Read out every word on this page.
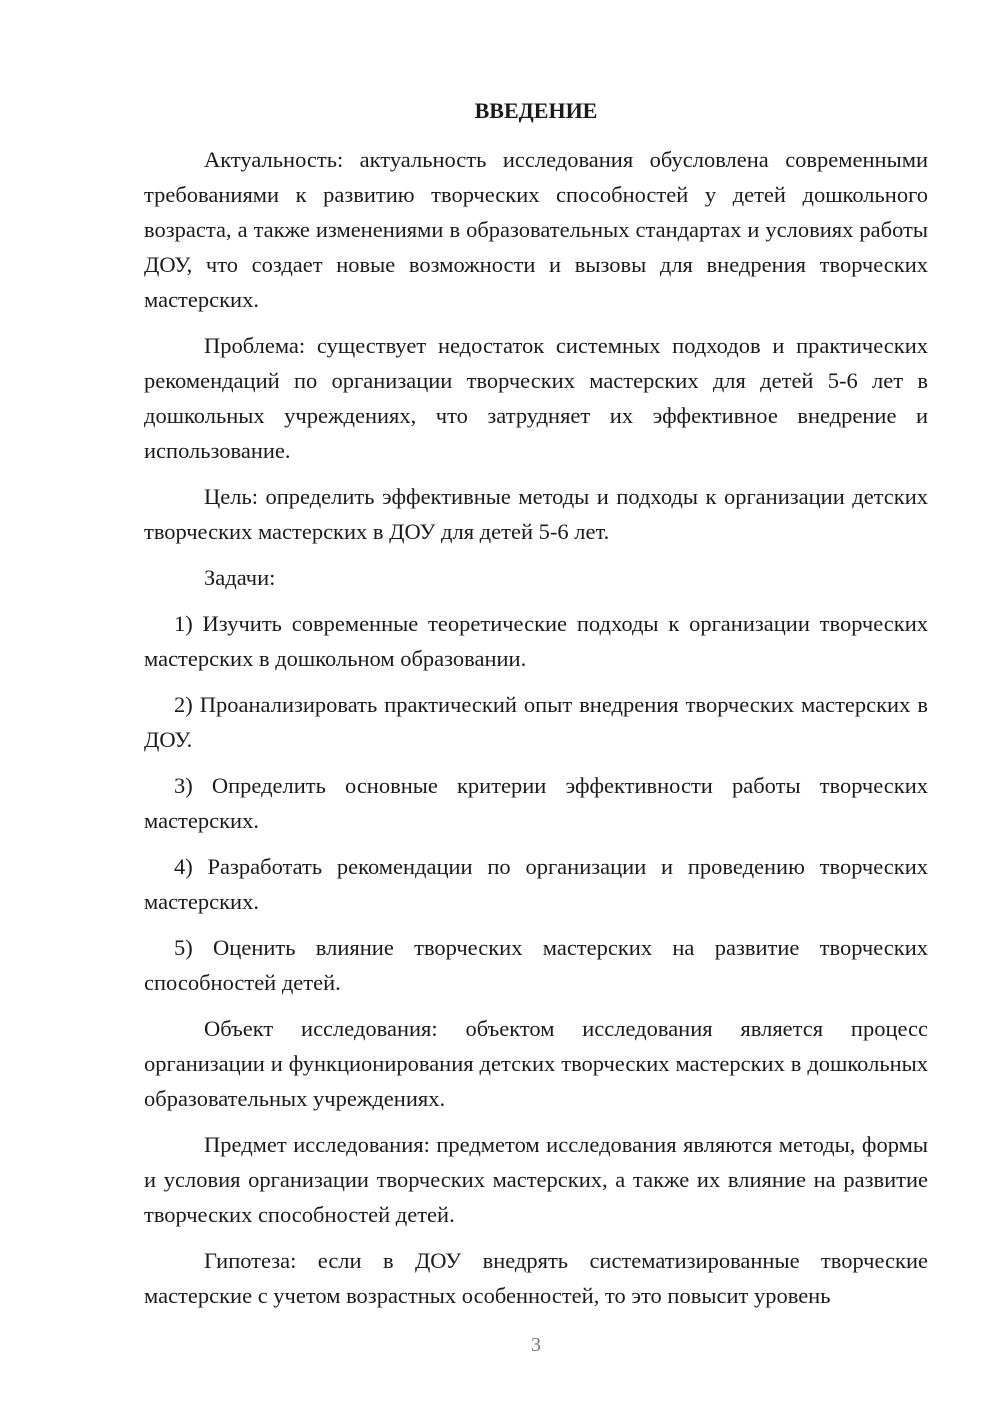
ВВЕДЕНИЕ

Актуальность: актуальность исследования обусловлена современными требованиями к развитию творческих способностей у детей дошкольного возраста, а также изменениями в образовательных стандартах и условиях работы ДОУ, что создает новые возможности и вызовы для внедрения творческих мастерских.

Проблема: существует недостаток системных подходов и практических рекомендаций по организации творческих мастерских для детей 5-6 лет в дошкольных учреждениях, что затрудняет их эффективное внедрение и использование.

Цель: определить эффективные методы и подходы к организации детских творческих мастерских в ДОУ для детей 5-6 лет.

Задачи:

1) Изучить современные теоретические подходы к организации творческих мастерских в дошкольном образовании.

2) Проанализировать практический опыт внедрения творческих мастерских в ДОУ.

3) Определить основные критерии эффективности работы творческих мастерских.

4) Разработать рекомендации по организации и проведению творческих мастерских.

5) Оценить влияние творческих мастерских на развитие творческих способностей детей.

Объект исследования: объектом исследования является процесс организации и функционирования детских творческих мастерских в дошкольных образовательных учреждениях.

Предмет исследования: предметом исследования являются методы, формы и условия организации творческих мастерских, а также их влияние на развитие творческих способностей детей.

Гипотеза: если в ДОУ внедрять систематизированные творческие мастерские с учетом возрастных особенностей, то это повысит уровень

3
